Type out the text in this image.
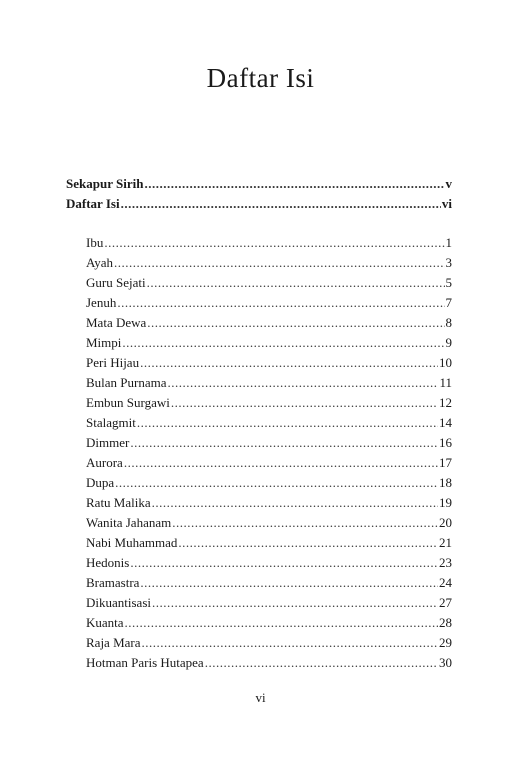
Daftar Isi
Sekapur Sirih .....	v
Daftar Isi .....	vi
Ibu .....	1
Ayah .....	3
Guru Sejati .....	5
Jenuh .....	7
Mata Dewa .....	8
Mimpi .....	9
Peri Hijau .....	10
Bulan Purnama .....	11
Embun Surgawi .....	12
Stalagmit .....	14
Dimmer .....	16
Aurora .....	17
Dupa .....	18
Ratu Malika .....	19
Wanita Jahanam .....	20
Nabi Muhammad .....	21
Hedonis .....	23
Bramastra .....	24
Dikuantisasi .....	27
Kuanta .....	28
Raja Mara .....	29
Hotman Paris Hutapea .....	30
vi
